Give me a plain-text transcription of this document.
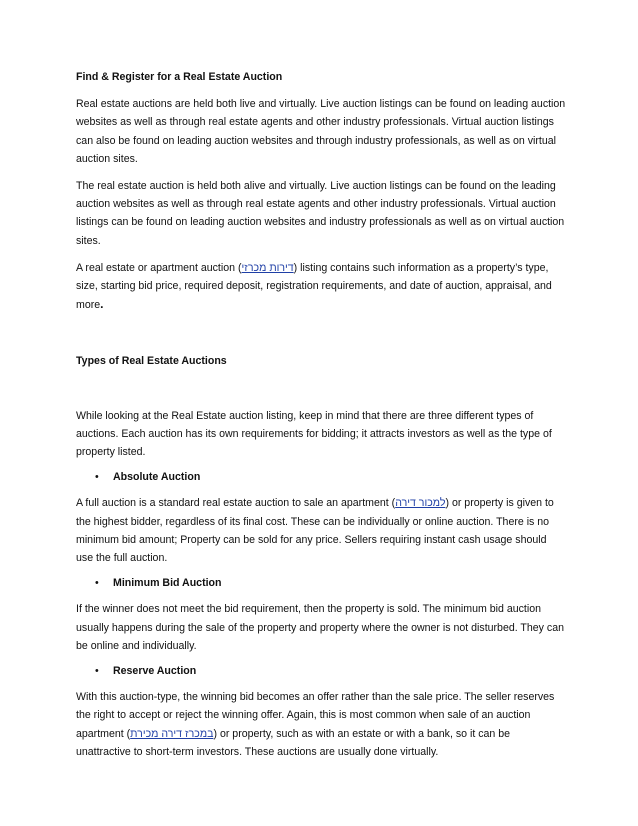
Find & Register for a Real Estate Auction

Real estate auctions are held both live and virtually. Live auction listings can be found on leading auction websites as well as through real estate agents and other industry professionals. Virtual auction listings can also be found on leading auction websites and through industry professionals, as well as on virtual auction sites.

The real estate auction is held both alive and virtually. Live auction listings can be found on the leading auction websites as well as through real estate agents and other industry professionals. Virtual auction listings can be found on leading auction websites and industry professionals as well as on virtual auction sites.

A real estate or apartment auction (דירות מכרזי) listing contains such information as a property’s type, size, starting bid price, required deposit, registration requirements, and date of auction, appraisal, and more.

Types of Real Estate Auctions

While looking at the Real Estate auction listing, keep in mind that there are three different types of auctions. Each auction has its own requirements for bidding; it attracts investors as well as the type of property listed.

• Absolute Auction

A full auction is a standard real estate auction to sale an apartment (למכור דירה) or property is given to the highest bidder, regardless of its final cost. These can be individually or online auction. There is no minimum bid amount; Property can be sold for any price. Sellers requiring instant cash usage should use the full auction.

• Minimum Bid Auction

If the winner does not meet the bid requirement, then the property is sold. The minimum bid auction usually happens during the sale of the property and property where the owner is not disturbed. They can be online and individually.

• Reserve Auction

With this auction-type, the winning bid becomes an offer rather than the sale price. The seller reserves the right to accept or reject the winning offer. Again, this is most common when sale of an auction apartment (במכרז דירה מכירת) or property, such as with an estate or with a bank, so it can be unattractive to short-term investors. These auctions are usually done virtually.
